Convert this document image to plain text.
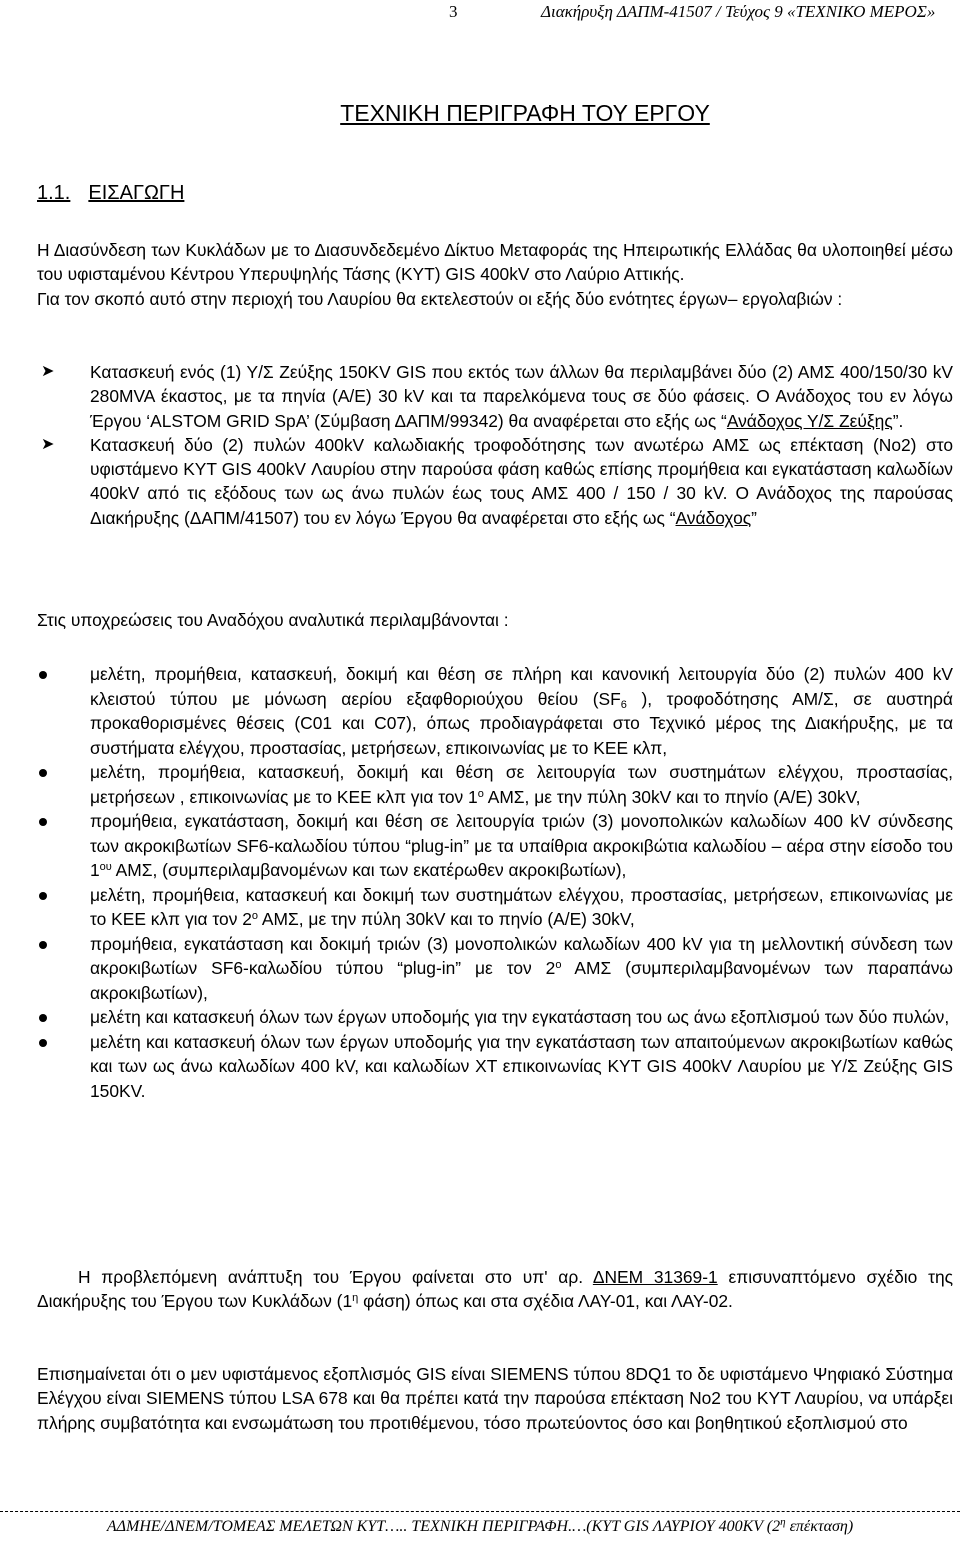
3	Διακήρυξη ΔΑΠΜ-41507 / Τεύχος 9 «ΤΕΧΝΙΚΟ ΜΕΡΟΣ»
ΤΕΧΝΙΚΗ ΠΕΡΙΓΡΑΦΗ ΤΟΥ ΕΡΓΟΥ
1.1. ΕΙΣΑΓΩΓΗ

Η Διασύνδεση των Κυκλάδων με το Διασυνδεδεμένο Δίκτυο Μεταφοράς της Ηπειρωτικής Ελλάδας θα υλοποιηθεί μέσω του υφισταμένου Κέντρου Υπερυψηλής Τάσης (ΚΥΤ) GIS 400kV στο Λαύριο Αττικής.

Για τον σκοπό αυτό στην περιοχή του Λαυρίου θα εκτελεστούν οι εξής δύο ενότητες έργων– εργολαβιών :

➤ Κατασκευή ενός (1) Υ/Σ Ζεύξης 150KV GIS που εκτός των άλλων θα περιλαμβάνει δύο (2) ΑΜΣ 400/150/30 kV 280MVA έκαστος, με τα πηνία (Α/Ε) 30 kV και τα παρελκόμενα τους σε δύο φάσεις. Ο Ανάδοχος του εν λόγω Έργου ‘ALSTOM GRID SpA’ (Σύμβαση ΔΑΠΜ/99342) θα αναφέρεται στο εξής ως “Ανάδοχος Υ/Σ Ζεύξης”.
➤ Κατασκευή δύο (2) πυλών 400kV καλωδιακής τροφοδότησης των ανωτέρω ΑΜΣ ως επέκταση (Νο2) στο υφιστάμενο ΚΥΤ GIS 400kV Λαυρίου στην παρούσα φάση καθώς επίσης προμήθεια και εγκατάσταση καλωδίων 400kV από τις εξόδους των ως άνω πυλών έως τους ΑΜΣ 400 / 150 / 30 kV. Ο Ανάδοχος της παρούσας Διακήρυξης (ΔΑΠΜ/41507) του εν λόγω Έργου θα αναφέρεται στο εξής ως “Ανάδοχος”
Στις υποχρεώσεις του Αναδόχου αναλυτικά περιλαμβάνονται :
μελέτη, προμήθεια, κατασκευή, δοκιμή και θέση σε πλήρη και κανονική λειτουργία δύο (2) πυλών 400 kV κλειστού τύπου με μόνωση αερίου εξαφθοριούχου θείου ($SF_6$ ), τροφοδότησης ΑΜ/Σ, σε αυστηρά προκαθορισμένες θέσεις (C01 και C07), όπως προδιαγράφεται στο Τεχνικό μέρος της Διακήρυξης, με τα συστήματα ελέγχου, προστασίας, μετρήσεων, επικοινωνίας με το ΚΕΕ κλπ,
μελέτη, προμήθεια, κατασκευή, δοκιμή και θέση σε λειτουργία των συστημάτων ελέγχου, προστασίας, μετρήσεων , επικοινωνίας με το ΚΕΕ κλπ για τον $1^o$ ΑΜΣ, με την πύλη 30kV και το πηνίο (Α/Ε) 30kV,
προμήθεια, εγκατάσταση, δοκιμή και θέση σε λειτουργία τριών (3) μονοπολικών καλωδίων 400 kV σύνδεσης των ακροκιβωτίων SF6-καλωδίου τύπου “plug-in” με τα υπαίθρια ακροκιβώτια καλωδίου – αέρα στην είσοδο του $1^{o\upsilon}$ ΑΜΣ, (συμπεριλαμβανομένων και των εκατέρωθεν ακροκιβωτίων),
μελέτη, προμήθεια, κατασκευή και δοκιμή των συστημάτων ελέγχου, προστασίας, μετρήσεων, επικοινωνίας με το ΚΕΕ κλπ για τον $2^o$ ΑΜΣ, με την πύλη 30kV και το πηνίο (Α/Ε) 30kV,
προμήθεια, εγκατάσταση και δοκιμή τριών (3) μονοπολικών καλωδίων 400 kV για τη μελλοντική σύνδεση των ακροκιβωτίων SF6-καλωδίου τύπου “plug-in” με τον $2^o$ ΑΜΣ (συμπεριλαμβανομένων των παραπάνω ακροκιβωτίων),
μελέτη και κατασκευή όλων των έργων υποδομής για την εγκατάσταση του ως άνω εξοπλισμού των δύο πυλών,
μελέτη και κατασκευή όλων των έργων υποδομής για την εγκατάσταση των απαιτούμενων ακροκιβωτίων καθώς και των ως άνω καλωδίων 400 kV, και καλωδίων ΧΤ επικοινωνίας ΚΥΤ GIS 400kV Λαυρίου με Υ/Σ Ζεύξης GIS 150KV.
Η προβλεπόμενη ανάπτυξη του Έργου φαίνεται στο υπ' αρ. ΔΝΕΜ 31369-1 επισυναπτόμενο σχέδιο της Διακήρυξης του Έργου των Κυκλάδων ($1^\eta$ φάση) όπως και στα σχέδια ΛΑΥ-01, και ΛΑΥ-02.
Επισημαίνεται ότι ο μεν υφιστάμενος εξοπλισμός GIS είναι SIEMENS τύπου 8DQ1 το δε υφιστάμενο Ψηφιακό Σύστημα Ελέγχου είναι SIEMENS τύπου LSA 678 και θα πρέπει κατά την παρούσα επέκταση Νο2 του ΚΥΤ Λαυρίου, να υπάρξει πλήρης συμβατότητα και ενσωμάτωση του προτιθέμενου, τόσο πρωτεύοντος όσο και βοηθητικού εξοπλισμού στο
ΑΔΜΗΕ/ΔΝΕΜ/ΤΟΜΕΑΣ ΜΕΛΕΤΩΝ ΚΥΤ….. ΤΕΧΝΙΚΗ ΠΕΡΙΓΡΑΦΗ.…(ΚΥΤ GIS ΛΑΥΡΙΟΥ 400KV ($2^\eta$ επέκταση)
